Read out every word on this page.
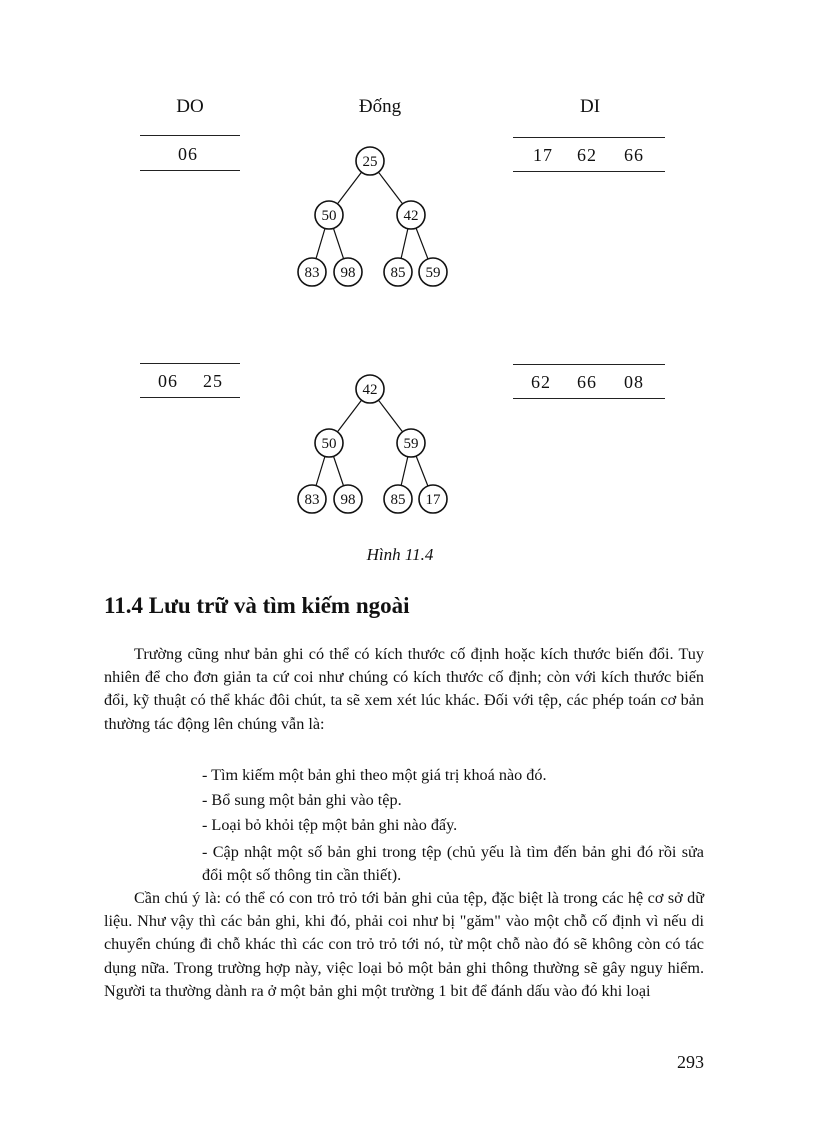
DO	Đống	DI
06	17 62 66
06 25	62 66 08
25
50	42
83 98 85 59
42
50	59
83 98 85 17
Hình 11.4
11.4 Lưu trữ và tìm kiếm ngoài
Trường cũng như bản ghi có thể có kích thước cố định hoặc kích thước biến đổi. Tuy nhiên để cho đơn giản ta cứ coi như chúng có kích thước cố định; còn với kích thước biến đổi, kỹ thuật có thể khác đôi chút, ta sẽ xem xét lúc khác. Đối với tệp, các phép toán cơ bản thường tác động lên chúng vẫn là:
- Tìm kiếm một bản ghi theo một giá trị khoá nào đó.
- Bổ sung một bản ghi vào tệp.
- Loại bỏ khỏi tệp một bản ghi nào đấy.
- Cập nhật một số bản ghi trong tệp (chủ yếu là tìm đến bản ghi đó rồi sửa đổi một số thông tin cần thiết).
Cần chú ý là: có thể có con trỏ trỏ tới bản ghi của tệp, đặc biệt là trong các hệ cơ sở dữ liệu. Như vậy thì các bản ghi, khi đó, phải coi như bị "găm" vào một chỗ cố định vì nếu di chuyển chúng đi chỗ khác thì các con trỏ trỏ tới nó, từ một chỗ nào đó sẽ không còn có tác dụng nữa. Trong trường hợp này, việc loại bỏ một bản ghi thông thường sẽ gây nguy hiểm. Người ta thường dành ra ở một bản ghi một trường 1 bit để đánh dấu vào đó khi loại
293
